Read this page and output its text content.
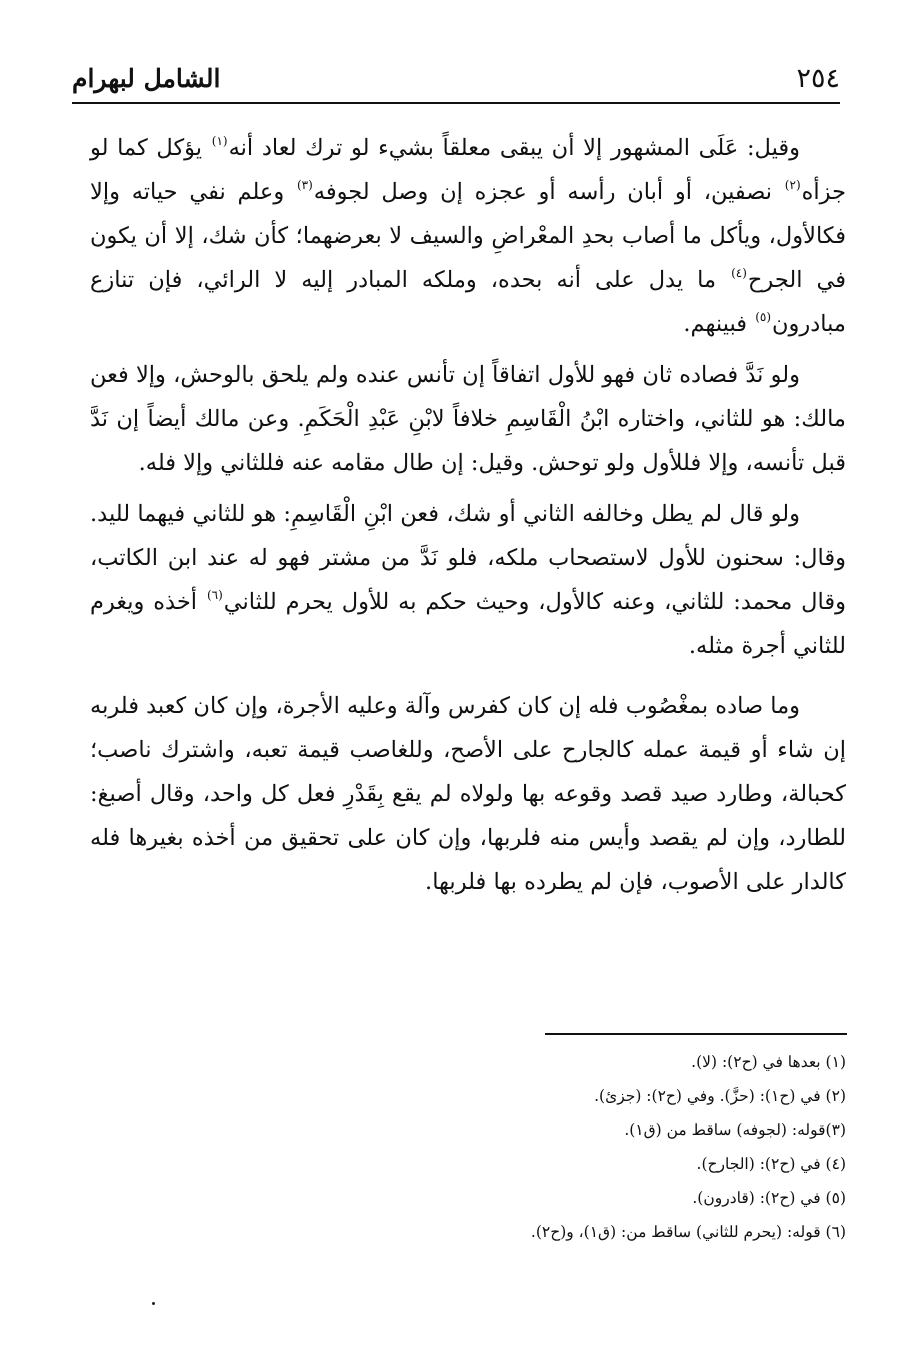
٢٥٤
الشامل لبهرام

وقيل: عَلَى المشهور إلا أن يبقى معلقاً بشيء لو ترك لعاد أنه$^{(١)}$ يؤكل كما لو جزأه$^{(٢)}$ نصفين، أو أبان رأسه أو عجزه إن وصل لجوفه$^{(٣)}$ وعلم نفي حياته وإلا فكالأول، ويأكل ما أصاب بحدِ المعْراضِ والسيف لا بعرضهما؛ كأن شك، إلا أن يكون في الجرح$^{(٤)}$ ما يدل على أنه بحده، وملكه المبادر إليه لا الرائي، فإن تنازع مبادرون$^{(٥)}$ فبينهم.

ولو نَدَّ فصاده ثان فهو للأول اتفاقاً إن تأنس عنده ولم يلحق بالوحش، وإلا فعن مالك: هو للثاني، واختاره ابْنُ الْقَاسِمِ خلافاً لابْنِ عَبْدِ الْحَكَمِ. وعن مالك أيضاً إن نَدَّ قبل تأنسه، وإلا فللأول ولو توحش. وقيل: إن طال مقامه عنه فللثاني وإلا فله.

ولو قال لم يطل وخالفه الثاني أو شك، فعن ابْنِ الْقَاسِمِ: هو للثاني فيهما لليد. وقال: سحنون للأول لاستصحاب ملكه، فلو نَدَّ من مشتر فهو له عند ابن الكاتب، وقال محمد: للثاني، وعنه كالأول، وحيث حكم به للأول يحرم للثاني$^{(٦)}$ أخذه ويغرم للثاني أجرة مثله.

وما صاده بمغْصُوب فله إن كان كفرس وآلة وعليه الأجرة، وإن كان كعبد فلربه إن شاء أو قيمة عمله كالجارح على الأصح، وللغاصب قيمة تعبه، واشترك ناصب؛ كحبالة، وطارد صيد قصد وقوعه بها ولولاه لم يقع بِقَدْرِ فعل كل واحد، وقال أصبغ: للطارد، وإن لم يقصد وأيس منه فلربها، وإن كان على تحقيق من أخذه بغيرها فله كالدار على الأصوب، فإن لم يطرده بها فلربها.

(١) بعدها في (ح٢): (لا).
(٢) في (ح١): (حزَّ). وفي (ح٢): (جزئ).
(٣)قوله: (لجوفه) ساقط من (ق١).
(٤) في (ح٢): (الجارح).
(٥) في (ح٢): (قادرون).
(٦) قوله: (يحرم للثاني) ساقط من: (ق١)، و(ح٢).
